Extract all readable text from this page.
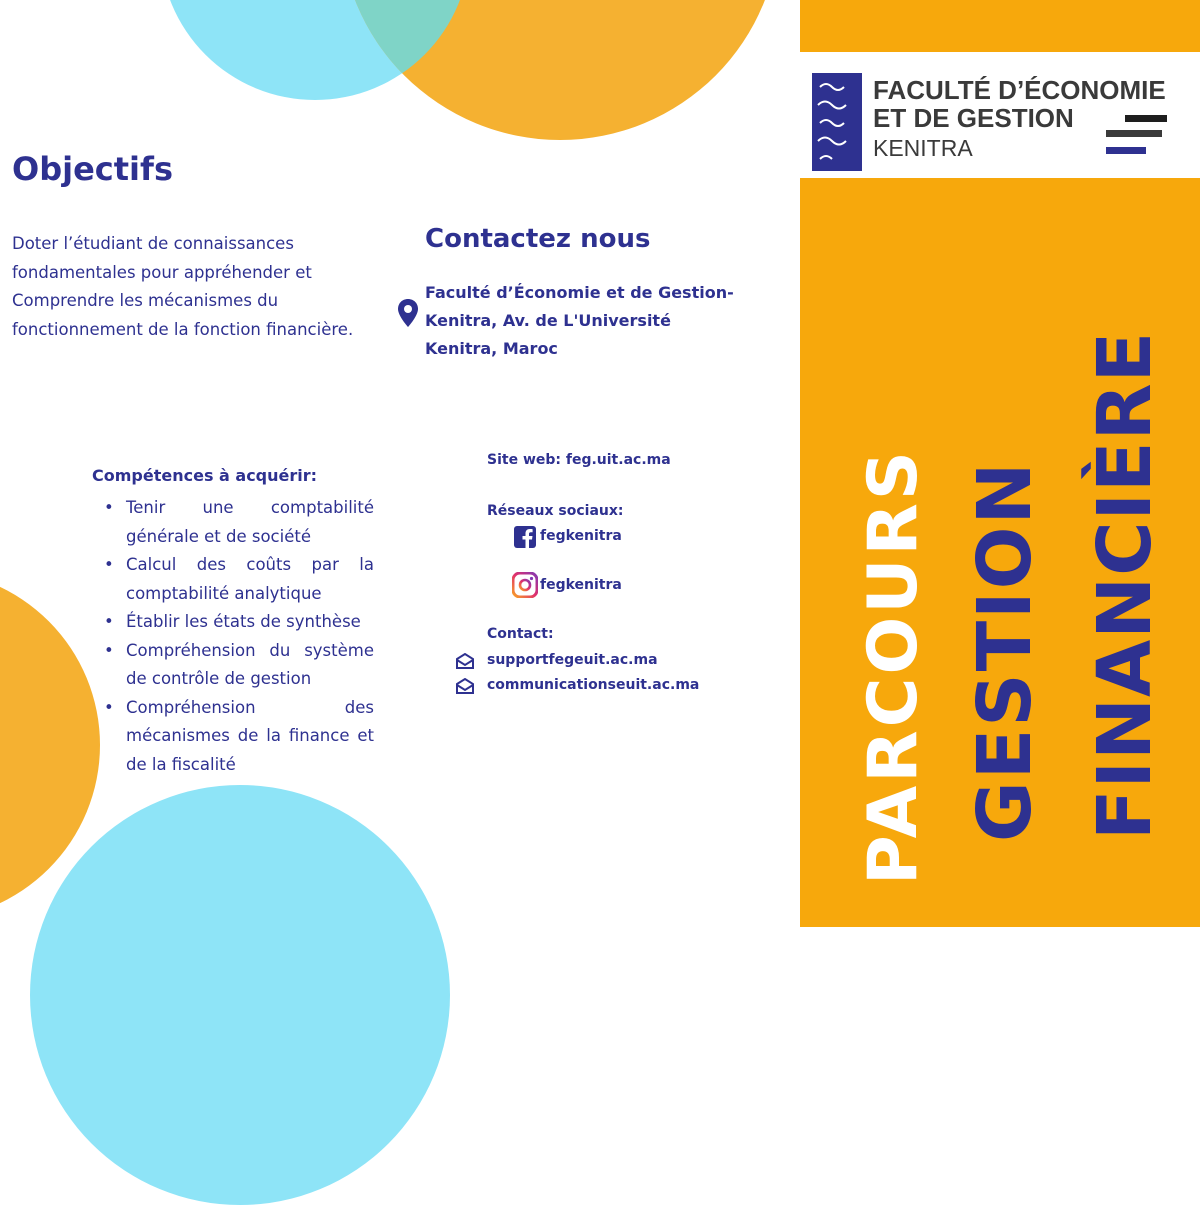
FACULTÉ D’ÉCONOMIE
ET DE GESTION
KENITRA
PARCOURS GESTION FINANCIÈRE
Objectifs
Doter l’étudiant de connaissances fondamentales pour appréhender et Comprendre les mécanismes du fonctionnement de la fonction financière.
Compétences à acquérir:
• Tenir une comptabilité générale et de société
• Calcul des coûts par la comptabilité analytique
• Établir les états de synthèse
• Compréhension du système de contrôle de gestion
• Compréhension des mécanismes de la finance et de la fiscalité
Contactez nous
Faculté d’Économie et de Gestion-
Kenitra, Av. de L'Université
Kenitra, Maroc
Site web: feg.uit.ac.ma
Réseaux sociaux:
fegkenitra
fegkenitra
Contact:
supportfegeuit.ac.ma
communicationseuit.ac.ma
